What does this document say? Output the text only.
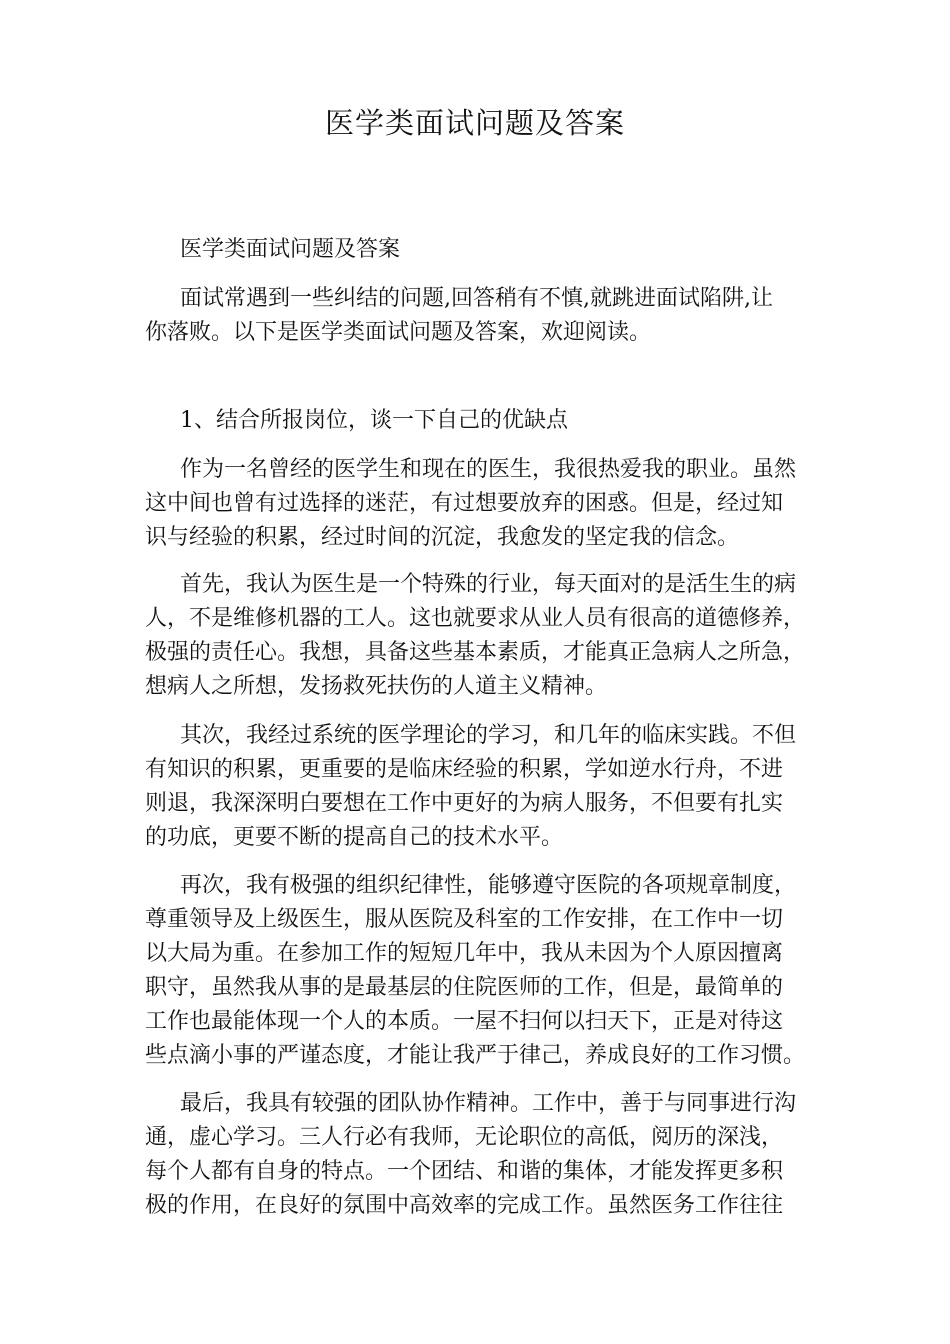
医学类面试问题及答案
医学类面试问题及答案
面试常遇到一些纠结的问题,回答稍有不慎,就跳进面试陷阱,让
你落败。以下是医学类面试问题及答案，欢迎阅读。
1、结合所报岗位，谈一下自己的优缺点
作为一名曾经的医学生和现在的医生，我很热爱我的职业。虽然
这中间也曾有过选择的迷茫，有过想要放弃的困惑。但是，经过知
识与经验的积累，经过时间的沉淀，我愈发的坚定我的信念。
首先，我认为医生是一个特殊的行业，每天面对的是活生生的病
人，不是维修机器的工人。这也就要求从业人员有很高的道德修养，
极强的责任心。我想，具备这些基本素质，才能真正急病人之所急，
想病人之所想，发扬救死扶伤的人道主义精神。
其次，我经过系统的医学理论的学习，和几年的临床实践。不但
有知识的积累，更重要的是临床经验的积累，学如逆水行舟，不进
则退，我深深明白要想在工作中更好的为病人服务，不但要有扎实
的功底，更要不断的提高自己的技术水平。
再次，我有极强的组织纪律性，能够遵守医院的各项规章制度，
尊重领导及上级医生，服从医院及科室的工作安排，在工作中一切
以大局为重。在参加工作的短短几年中，我从未因为个人原因擅离
职守，虽然我从事的是最基层的住院医师的工作，但是，最简单的
工作也最能体现一个人的本质。一屋不扫何以扫天下，正是对待这
些点滴小事的严谨态度，才能让我严于律己，养成良好的工作习惯。
最后，我具有较强的团队协作精神。工作中，善于与同事进行沟
通，虚心学习。三人行必有我师，无论职位的高低，阅历的深浅，
每个人都有自身的特点。一个团结、和谐的集体，才能发挥更多积
极的作用，在良好的氛围中高效率的完成工作。虽然医务工作往往
